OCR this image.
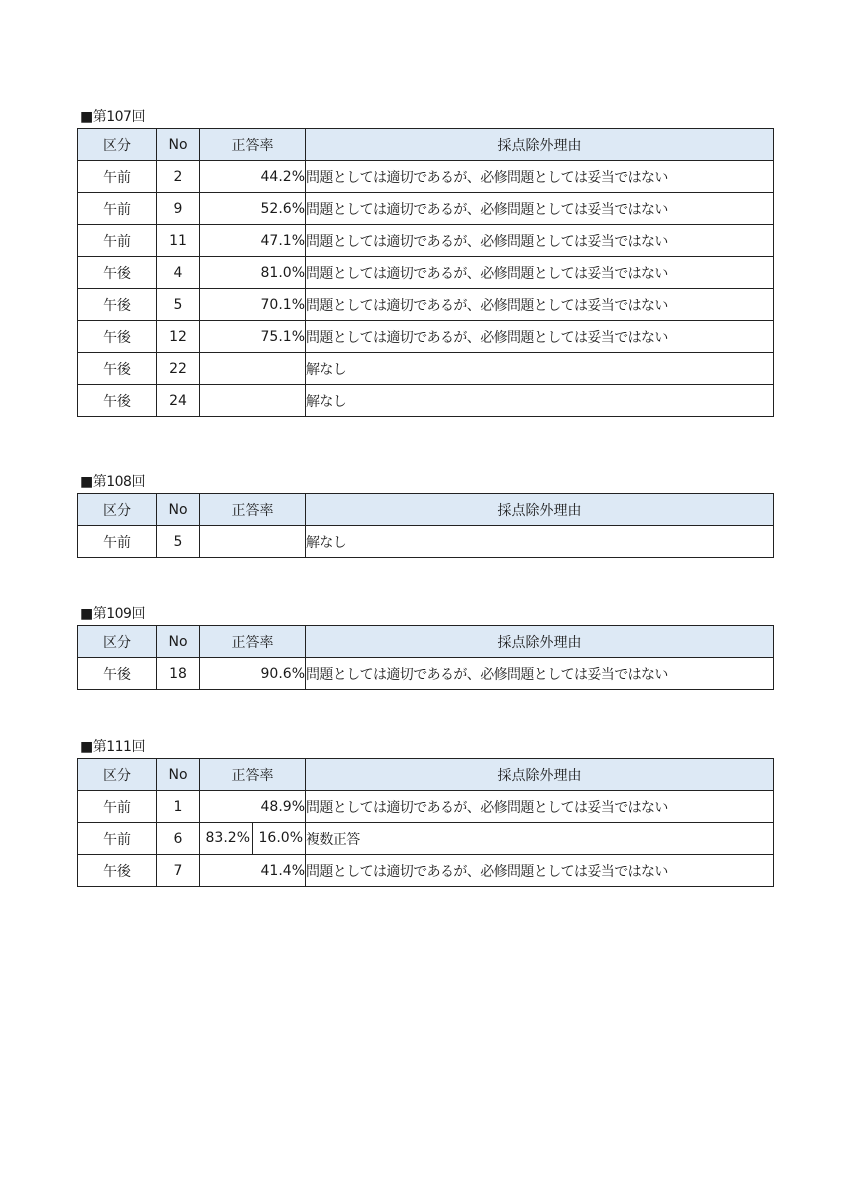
■第107回
区分	No	正答率	採点除外理由
午前	2	44.2%	問題としては適切であるが、必修問題としては妥当ではない
午前	9	52.6%	問題としては適切であるが、必修問題としては妥当ではない
午前	11	47.1%	問題としては適切であるが、必修問題としては妥当ではない
午後	4	81.0%	問題としては適切であるが、必修問題としては妥当ではない
午後	5	70.1%	問題としては適切であるが、必修問題としては妥当ではない
午後	12	75.1%	問題としては適切であるが、必修問題としては妥当ではない
午後	22		解なし
午後	24		解なし
■第108回
区分	No	正答率	採点除外理由
午前	5		解なし
■第109回
区分	No	正答率	採点除外理由
午後	18	90.6%	問題としては適切であるが、必修問題としては妥当ではない
■第111回
区分	No	正答率	採点除外理由
午前	1	48.9%	問題としては適切であるが、必修問題としては妥当ではない
午前	6	83.2% 16.0%	複数正答
午後	7	41.4%	問題としては適切であるが、必修問題としては妥当ではない
